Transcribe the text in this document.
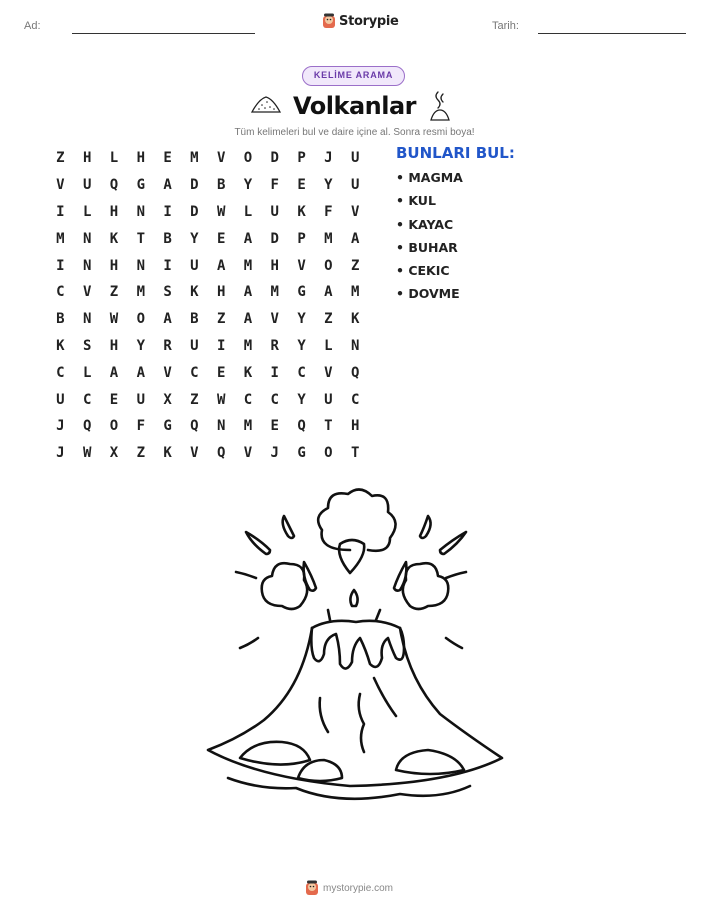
Ad:	Storypie	Tarih:
KELİME ARAMA
Volkanlar
Tüm kelimeleri bul ve daire içine al. Sonra resmi boya!
Z	H	L	H	E	M	V	O	D	P	J	U
V	U	Q	G	A	D	B	Y	F	E	Y	U
I	L	H	N	I	D	W	L	U	K	F	V
M	N	K	T	B	Y	E	A	D	P	M	A
I	N	H	N	I	U	A	M	H	V	O	Z
C	V	Z	M	S	K	H	A	M	G	A	M
B	N	W	O	A	B	Z	A	V	Y	Z	K
K	S	H	Y	R	U	I	M	R	Y	L	N
C	L	A	A	V	C	E	K	I	C	V	Q
U	C	E	U	X	Z	W	C	C	Y	U	C
J	Q	O	F	G	Q	N	M	E	Q	T	H
J	W	X	Z	K	V	Q	V	J	G	O	T
BUNLARI BUL:
• MAGMA
• KUL
• KAYAC
• BUHAR
• CEKIC
• DOVME
mystorypie.com
